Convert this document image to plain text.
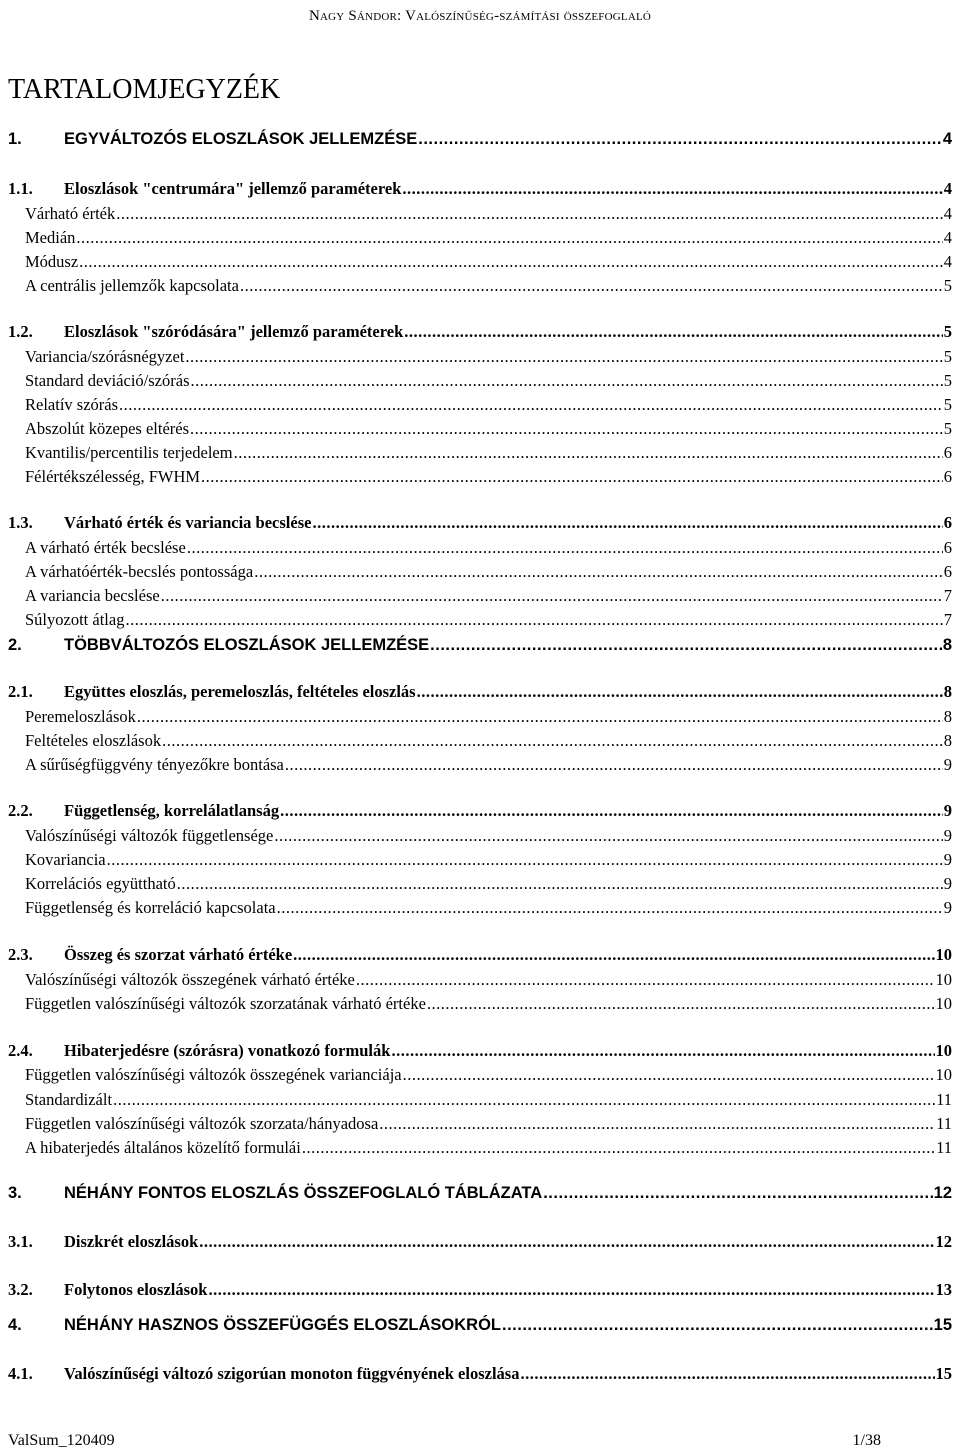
Nagy Sándor: Valószínűség-számítási összefoglaló
TARTALOMJEGYZÉK
1.	EGYVÁLTOZÓS ELOSZLÁSOK JELLEMZÉSE .....	4
1.1. Eloszlások "centrumára" jellemző paraméterek .....	4
Várható érték .....	4
Medián .....	4
Módusz .....	4
A centrális jellemzők kapcsolata .....	5
1.2. Eloszlások "szóródására" jellemző paraméterek .....	5
Variancia/szórásnégyzet .....	5
Standard deviáció/szórás .....	5
Relatív szórás .....	5
Abszolút közepes eltérés .....	5
Kvantilis/percentilis terjedelem .....	6
Félértékszélesség, FWHM .....	6
1.3. Várható érték és variancia becslése .....	6
A várható érték becslése .....	6
A várhatóérték-becslés pontossága .....	6
A variancia becslése .....	7
Súlyozott átlag .....	7
2.	TÖBBVÁLTOZÓS ELOSZLÁSOK JELLEMZÉSE .....	8
2.1. Együttes eloszlás, peremeloszlás, feltételes eloszlás .....	8
Peremeloszlások .....	8
Feltételes eloszlások .....	8
A sűrűségfüggvény tényezőkre bontása .....	9
2.2. Függetlenség, korrelálatlanság .....	9
Valószínűségi változók függetlensége .....	9
Kovariancia .....	9
Korrelációs együttható .....	9
Függetlenség és korreláció kapcsolata .....	9
2.3. Összeg és szorzat várható értéke .....	10
Valószínűségi változók összegének várható értéke .....	10
Független valószínűségi változók szorzatának várható értéke .....	10
2.4. Hibaterjedésre (szórásra) vonatkozó formulák .....	10
Független valószínűségi változók összegének varianciája .....	10
Standardizált .....	11
Független valószínűségi változók szorzata/hányadosa .....	11
A hibaterjedés általános közelítő formulái .....	11
3.	NÉHÁNY FONTOS ELOSZLÁS ÖSSZEFOGLALÓ TÁBLÁZATA .....	12
3.1. Diszkrét eloszlások .....	12
3.2. Folytonos eloszlások .....	13
4.	NÉHÁNY HASZNOS ÖSSZEFÜGGÉS ELOSZLÁSOKRÓL .....	15
4.1. Valószínűségi változó szigorúan monoton függvényének eloszlása .....	15
ValSum_120409	1/38
